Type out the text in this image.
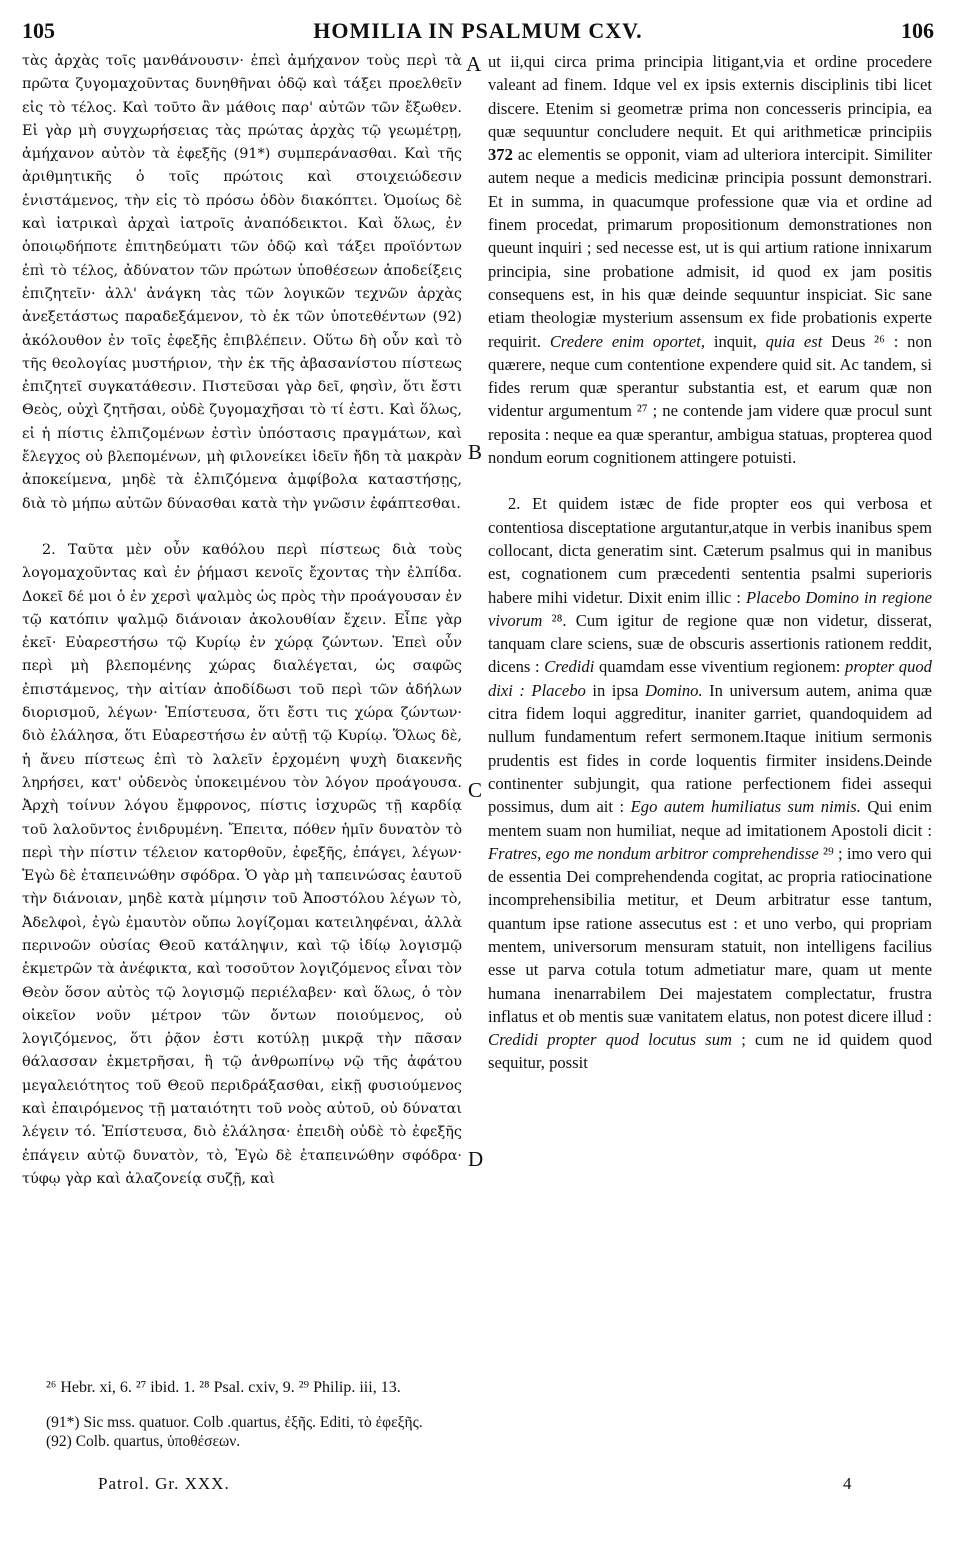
105	HOMILIA IN PSALMUM CXV.	106

τὰς ἀρχὰς τοῖς μανθάνουσιν· ἐπεὶ ἀμήχανον τοὺς περὶ τὰ πρῶτα ζυγομαχοῦντας δυνηθῆναι ὁδῷ καὶ τάξει προελθεῖν εἰς τὸ τέλος. Καὶ τοῦτο ἂν μάθοις παρ' αὐτῶν τῶν ἔξωθεν. Εἰ γὰρ μὴ συγχωρήσειας τὰς πρώτας ἀρχὰς τῷ γεωμέτρῃ, ἀμήχανον αὐτὸν τὰ ἐφεξῆς (91*) συμπεράνασθαι. Καὶ τῆς ἀριθμητικῆς ὁ τοῖς πρώτοις καὶ στοιχειώδεσιν ἐνιστάμενος, τὴν εἰς τὸ πρόσω ὁδὸν διακόπτει. Ὁμοίως δὲ καὶ ἰατρικαὶ ἀρχαὶ ἰατροῖς ἀναπόδεικτοι. Καὶ ὅλως, ἐν ὁποιῳδήποτε ἐπιτηδεύματι τῶν ὁδῷ καὶ τάξει προϊόντων ἐπὶ τὸ τέλος, ἀδύνατον τῶν πρώτων ὑποθέσεων ἀποδείξεις ἐπιζητεῖν· ἀλλ' ἀνάγκη τὰς τῶν λογικῶν τεχνῶν ἀρχὰς ἀνεξετάστως παραδεξάμενον, τὸ ἐκ τῶν ὑποτεθέντων (92) ἀκόλουθον ἐν τοῖς ἐφεξῆς ἐπιβλέπειν. Οὕτω δὴ οὖν καὶ τὸ τῆς θεολογίας μυστήριον, τὴν ἐκ τῆς ἀβασανίστου πίστεως ἐπιζητεῖ συγκατάθεσιν. Πιστεῦσαι γὰρ δεῖ, φησὶν, ὅτι ἔστι Θεὸς, οὐχὶ ζητῆσαι, οὐδὲ ζυγομαχῆσαι τὸ τί ἐστι. Καὶ ὅλως, εἰ ἡ πίστις ἐλπιζομένων ἐστὶν ὑπόστασις πραγμάτων, καὶ ἔλεγχος οὐ βλεπομένων, μὴ φιλονείκει ἰδεῖν ἤδη τὰ μακρὰν ἀποκείμενα, μηδὲ τὰ ἐλπιζόμενα ἀμφίβολα καταστήσῃς, διὰ τὸ μήπω αὐτῶν δύνασθαι κατὰ τὴν γνῶσιν ἐφάπτεσθαι.

2. Ταῦτα μὲν οὖν καθόλου περὶ πίστεως διὰ τοὺς λογομαχοῦντας καὶ ἐν ῥήμασι κενοῖς ἔχοντας τὴν ἐλπίδα. Δοκεῖ δέ μοι ὁ ἐν χερσὶ ψαλμὸς ὡς πρὸς τὴν προάγουσαν ἐν τῷ κατόπιν ψαλμῷ διάνοιαν ἀκολουθίαν ἔχειν. Εἶπε γὰρ ἐκεῖ· Εὐαρεστήσω τῷ Κυρίῳ ἐν χώρᾳ ζώντων. Ἐπεὶ οὖν περὶ μὴ βλεπομένης χώρας διαλέγεται, ὡς σαφῶς ἐπιστάμενος, τὴν αἰτίαν ἀποδίδωσι τοῦ περὶ τῶν ἀδήλων διορισμοῦ, λέγων· Ἐπίστευσα, ὅτι ἔστι τις χώρα ζώντων· διὸ ἐλάλησα, ὅτι Εὐαρεστήσω ἐν αὐτῇ τῷ Κυρίῳ. Ὅλως δὲ, ἡ ἄνευ πίστεως ἐπὶ τὸ λαλεῖν ἐρχομένη ψυχὴ διακενῆς ληρήσει, κατ' οὐδενὸς ὑποκειμένου τὸν λόγον προάγουσα. Ἀρχὴ τοίνυν λόγου ἔμφρονος, πίστις ἰσχυρῶς τῇ καρδίᾳ τοῦ λαλοῦντος ἐνιδρυμένη. Ἔπειτα, πόθεν ἡμῖν δυνατὸν τὸ περὶ τὴν πίστιν τέλειον κατορθοῦν, ἐφεξῆς, ἐπάγει, λέγων· Ἐγὼ δὲ ἐταπεινώθην σφόδρα. Ὁ γὰρ μὴ ταπεινώσας ἑαυτοῦ τὴν διάνοιαν, μηδὲ κατὰ μίμησιν τοῦ Ἀποστόλου λέγων τὸ, Ἀδελφοὶ, ἐγὼ ἐμαυτὸν οὔπω λογίζομαι κατειληφέναι, ἀλλὰ περινοῶν οὐσίας Θεοῦ κατάληψιν, καὶ τῷ ἰδίῳ λογισμῷ ἐκμετρῶν τὰ ἀνέφικτα, καὶ τοσοῦτον λογιζόμενος εἶναι τὸν Θεὸν ὅσον αὐτὸς τῷ λογισμῷ περιέλαβεν· καὶ ὅλως, ὁ τὸν οἰκεῖον νοῦν μέτρον τῶν ὄντων ποιούμενος, οὐ λογιζόμενος, ὅτι ῥᾷον ἐστι κοτύλῃ μικρᾷ τὴν πᾶσαν θάλασσαν ἐκμετρῆσαι, ἢ τῷ ἀνθρωπίνῳ νῷ τῆς ἀφάτου μεγαλειότητος τοῦ Θεοῦ περιδράξασθαι, εἰκῇ φυσιούμενος καὶ ἐπαιρόμενος τῇ ματαιότητι τοῦ νοὸς αὐτοῦ, οὐ δύναται λέγειν τό. Ἐπίστευσα, διὸ ἐλάλησα· ἐπειδὴ οὐδὲ τὸ ἐφεξῆς ἐπάγειν αὐτῷ δυνατὸν, τὸ, Ἐγὼ δὲ ἐταπεινώθην σφόδρα· τύφῳ γὰρ καὶ ἀλαζονείᾳ συζῇ, καὶ

A
B
C
D

ut ii,qui circa prima principia litigant,via et ordine procedere valeant ad finem. Idque vel ex ipsis externis disciplinis tibi licet discere. Etenim si geometræ prima non concesseris principia, ea quæ sequuntur concludere nequit. Et qui arithmeticæ principiis 372 ac elementis se opponit, viam ad ulteriora intercipit. Similiter autem neque a medicis medicinæ principia possunt demonstrari. Et in summa, in quacumque professione quæ via et ordine ad finem procedat, primarum propositionum demonstrationes non queunt inquiri ; sed necesse est, ut is qui artium ratione innixarum principia, sine probatione admisit, id quod ex jam positis consequens est, in his quæ deinde sequuntur inspiciat. Sic sane etiam theologiæ mysterium assensum ex fide probationis experte requirit. Credere enim oportet, inquit, quia est Deus ²⁶ : non quærere, neque cum contentione expendere quid sit. Ac tandem, si fides rerum quæ sperantur substantia est, et earum quæ non videntur argumentum ²⁷ ; ne contende jam videre quæ procul sunt reposita : neque ea quæ sperantur, ambigua statuas, propterea quod nondum eorum cognitionem attingere potuisti.

2. Et quidem istæc de fide propter eos qui verbosa et contentiosa disceptatione argutantur,atque in verbis inanibus spem collocant, dicta generatim sint. Cæterum psalmus qui in manibus est, cognationem cum præcedenti sententia psalmi superioris habere mihi videtur. Dixit enim illic : Placebo Domino in regione vivorum ²⁸. Cum igitur de regione quæ non videtur, disserat, tanquam clare sciens, suæ de obscuris assertionis rationem reddit, dicens : Credidi quamdam esse viventium regionem: propter quod dixi : Placebo in ipsa Domino. In universum autem, anima quæ citra fidem loqui aggreditur, inaniter garriet, quandoquidem ad nullum fundamentum refert sermonem.Itaque initium sermonis prudentis est fides in corde loquentis firmiter insidens.Deinde continenter subjungit, qua ratione perfectionem fidei assequi possimus, dum ait : Ego autem humiliatus sum nimis. Qui enim mentem suam non humiliat, neque ad imitationem Apostoli dicit : Fratres, ego me nondum arbitror comprehendisse ²⁹ ; imo vero qui de essentia Dei comprehendenda cogitat, ac propria ratiocinatione incomprehensibilia metitur, et Deum arbitratur esse tantum, quantum ipse ratione assecutus est : et uno verbo, qui propriam mentem, universorum mensuram statuit, non intelligens facilius esse ut parva cotula totum admetiatur mare, quam ut mente humana inenarrabilem Dei majestatem complectatur, frustra inflatus et ob mentis suæ vanitatem elatus, non potest dicere illud : Credidi propter quod locutus sum ; cum ne id quidem quod sequitur, possit

²⁶ Hebr. xi, 6. ²⁷ ibid. 1. ²⁸ Psal. cxiv, 9. ²⁹ Philip. iii, 13.
(91*) Sic mss. quatuor. Colb .quartus, ἐξῆς. Editi, τὸ ἐφεξῆς.
(92) Colb. quartus, ὑποθέσεων.
Patrol. Gr. XXX.	4
